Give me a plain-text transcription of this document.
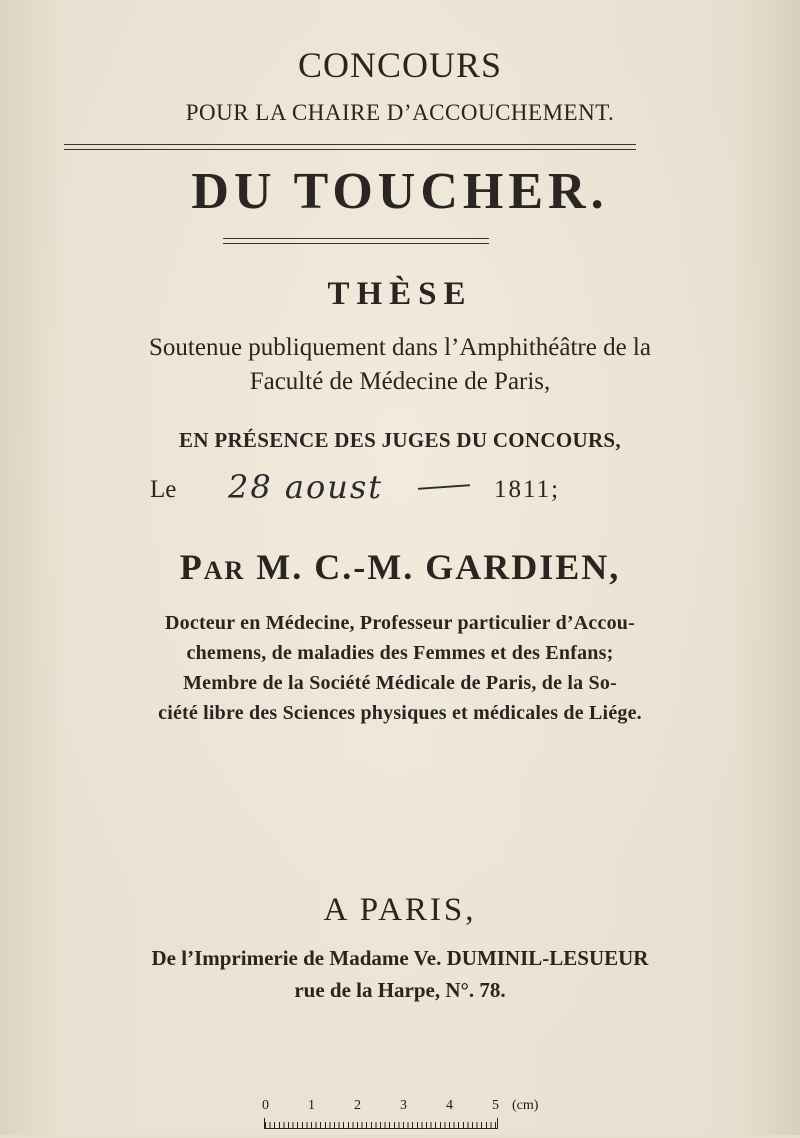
CONCOURS
POUR LA CHAIRE D’ACCOUCHEMENT.
DU TOUCHER.
THÈSE
Soutenue publiquement dans l’Amphithéâtre de la
Faculté de Médecine de Paris,
EN PRÉSENCE DES JUGES DU CONCOURS,
Le 28 aoust	1811;
PAR M. C.-M. GARDIEN,
Docteur en Médecine, Professeur particulier d’Accou-
chemens, de maladies des Femmes et des Enfans;
Membre de la Société Médicale de Paris, de la So-
ciété libre des Sciences physiques et médicales de Liége.
A PARIS,
De l’Imprimerie de Madame Ve. DUMINIL-LESUEUR
rue de la Harpe, N°. 78.
0	1	2	3	4	5 (cm)
